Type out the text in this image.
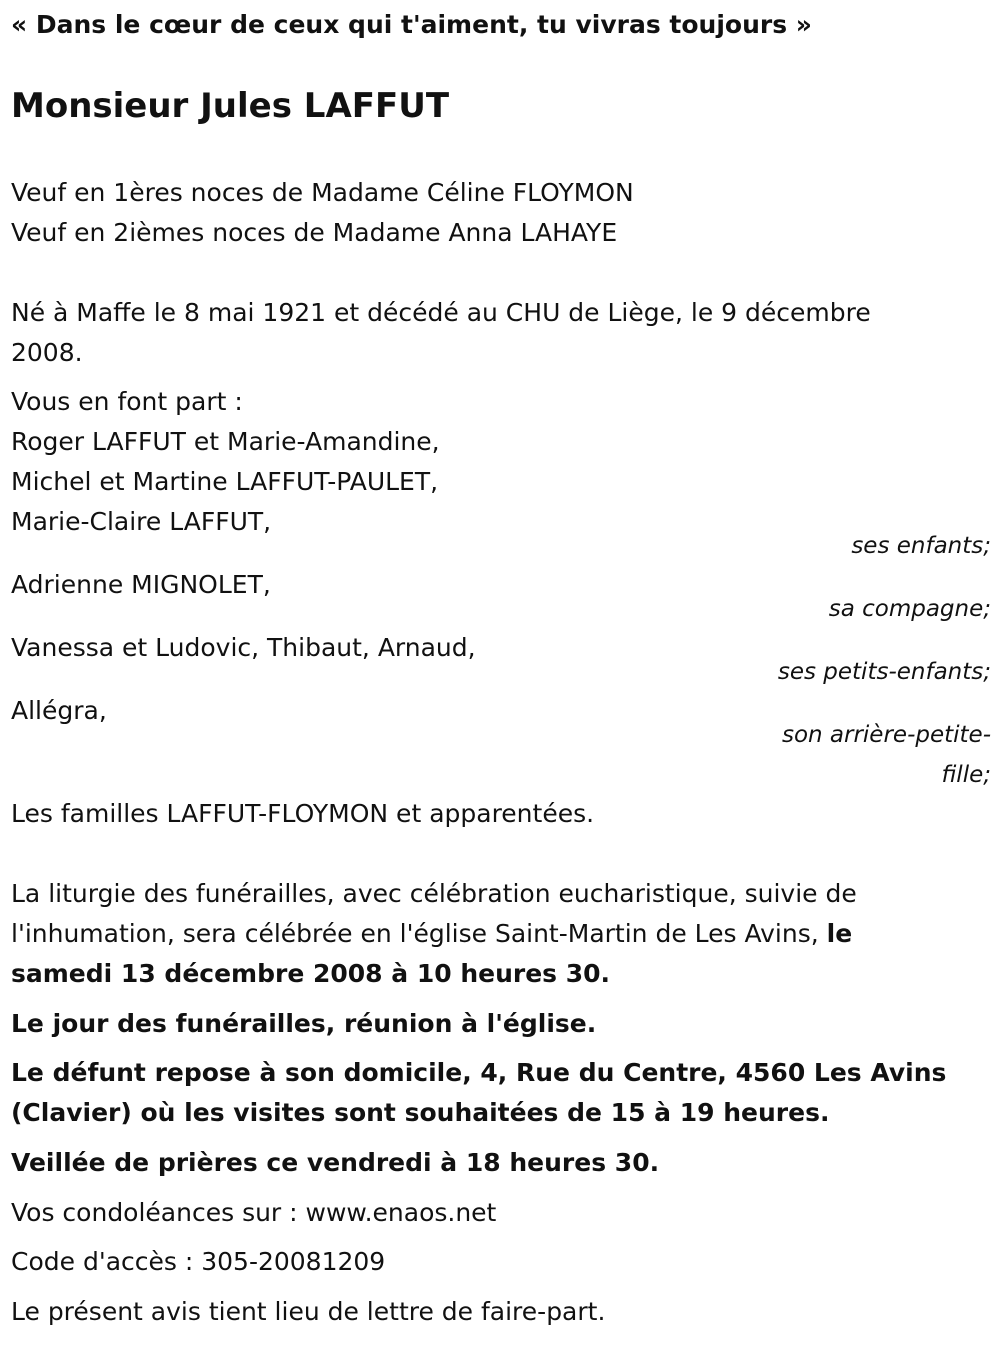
« Dans le cœur de ceux qui t'aiment, tu vivras toujours »
Monsieur Jules LAFFUT
Veuf en 1ères noces de Madame Céline FLOYMON
Veuf en 2ièmes noces de Madame Anna LAHAYE
Né à Maffe le 8 mai 1921 et décédé au CHU de Liège, le 9 décembre
2008.
Vous en font part :
Roger LAFFUT et Marie-Amandine,
Michel et Martine LAFFUT-PAULET,
Marie-Claire LAFFUT,
ses enfants;
Adrienne MIGNOLET,
sa compagne;
Vanessa et Ludovic, Thibaut, Arnaud,
ses petits-enfants;
Allégra,
son arrière-petite-
fille;
Les familles LAFFUT-FLOYMON et apparentées.
La liturgie des funérailles, avec célébration eucharistique, suivie de
l'inhumation, sera célébrée en l'église Saint-Martin de Les Avins, le
samedi 13 décembre 2008 à 10 heures 30.
Le jour des funérailles, réunion à l'église.
Le défunt repose à son domicile, 4, Rue du Centre, 4560 Les Avins
(Clavier) où les visites sont souhaitées de 15 à 19 heures.
Veillée de prières ce vendredi à 18 heures 30.
Vos condoléances sur : www.enaos.net
Code d'accès : 305-20081209
Le présent avis tient lieu de lettre de faire-part.
